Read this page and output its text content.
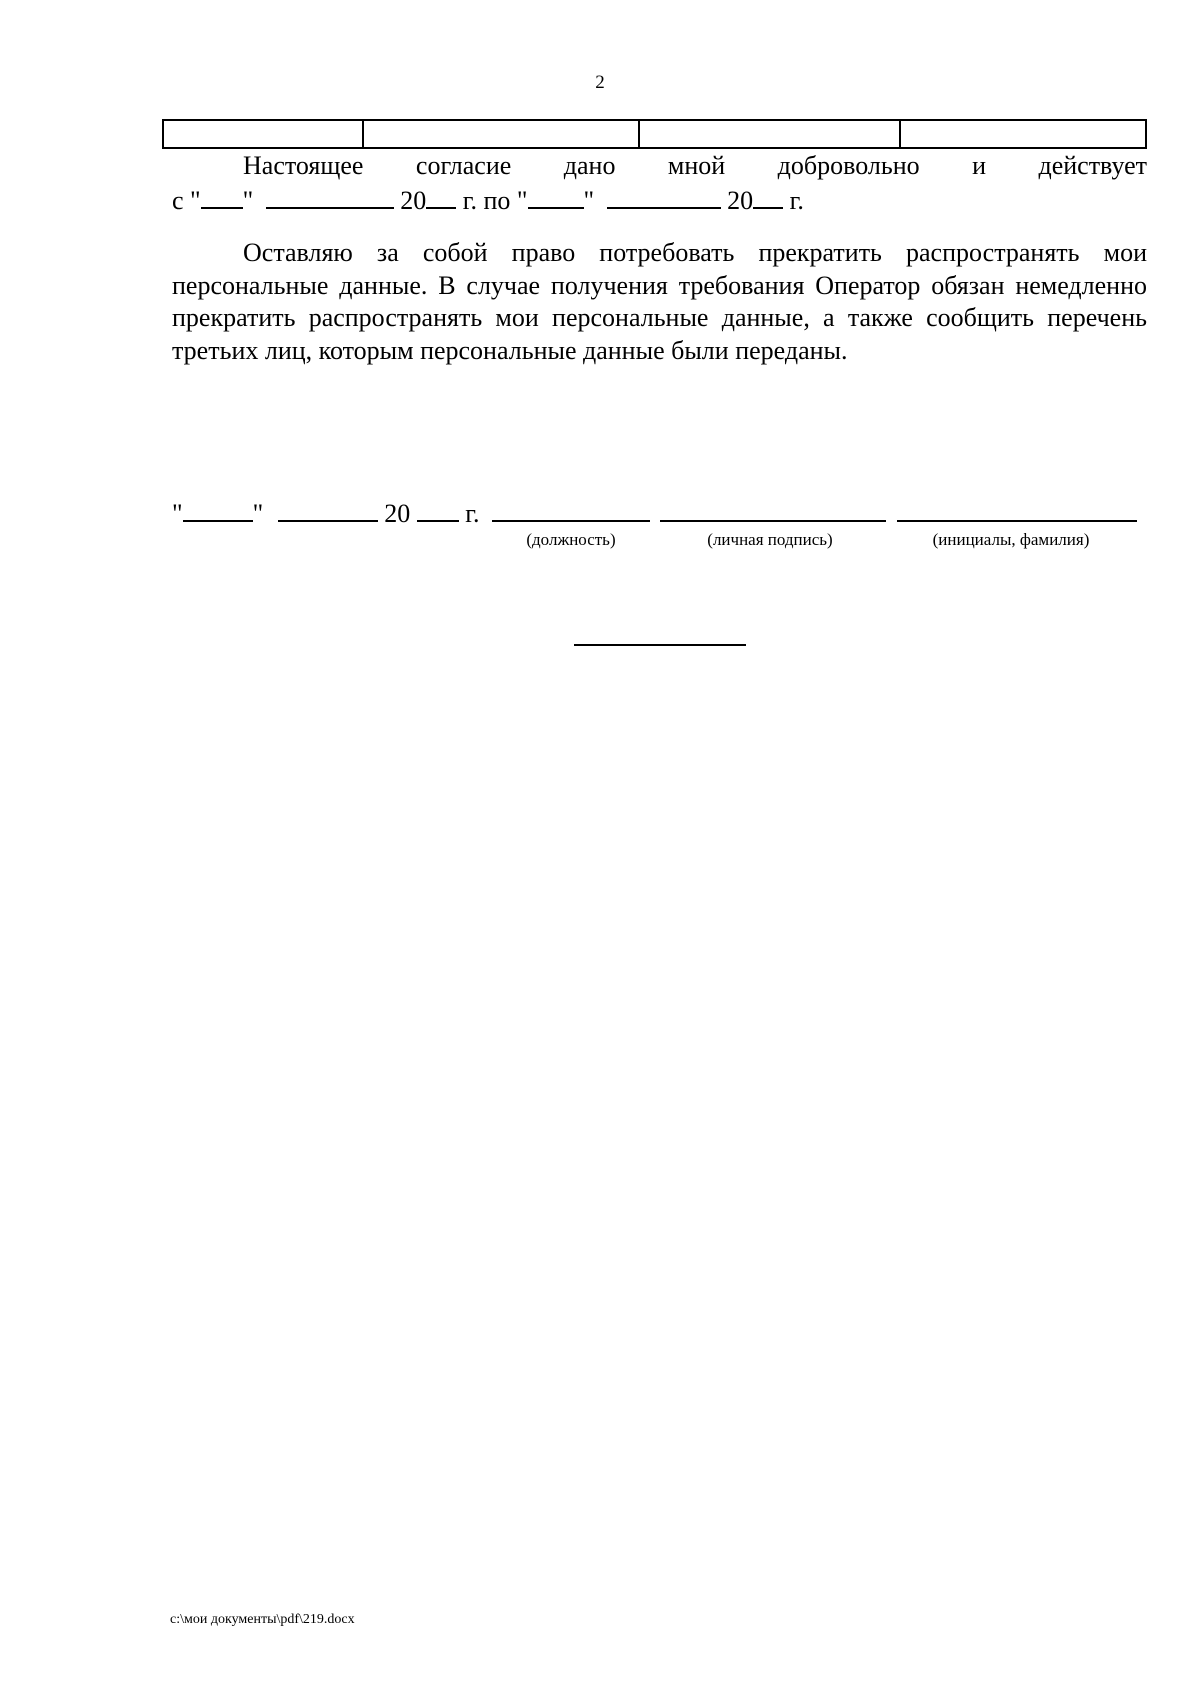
2

Настоящее согласие дано мной добровольно и действует
с " "	20 г. по " "	20 г.
Оставляю за собой право потребовать прекратить распространять мои персональные данные. В случае получения требования Оператор обязан немедленно прекратить распространять мои персональные данные, а также сообщить перечень третьих лиц, которым персональные данные были переданы.
"	"	20 г.
(должность)	(личная подпись)	(инициалы, фамилия)
c:\мои документы\pdf\219.docx
